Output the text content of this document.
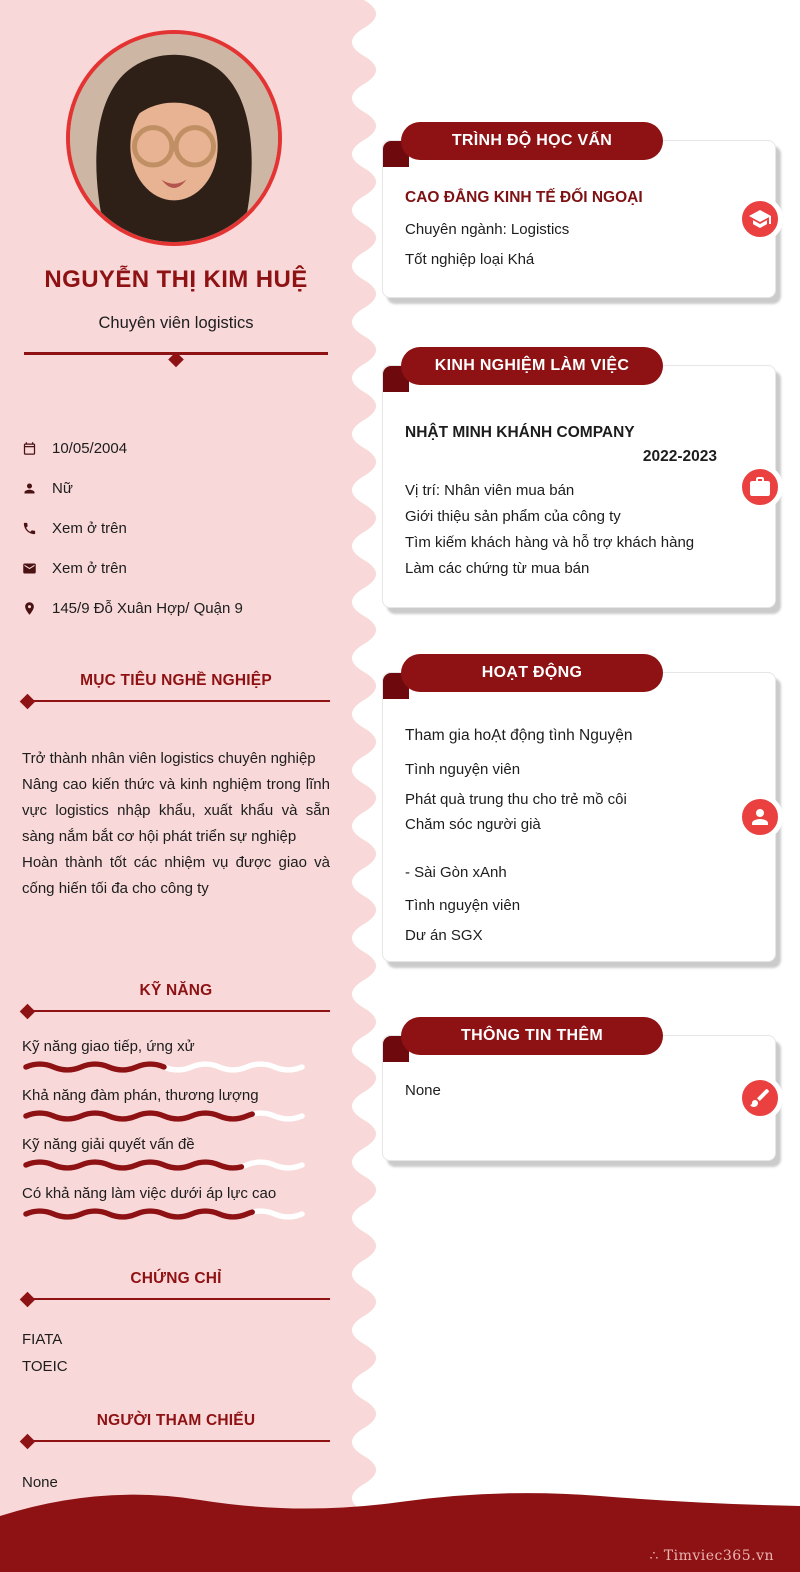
NGUYỄN THỊ KIM HUỆ
Chuyên viên logistics
10/05/2004
Nữ
Xem ở trên
Xem ở trên
145/9 Đỗ Xuân Hợp/ Quận 9
MỤC TIÊU NGHỀ NGHIỆP

Trở thành nhân viên logistics chuyên nghiệp

Nâng cao kiến thức và kinh nghiệm trong lĩnh vực logistics nhập khẩu, xuất khẩu và sẵn sàng nắm bắt cơ hội phát triển sự nghiệp

Hoàn thành tốt các nhiệm vụ được giao và cống hiến tối đa cho công ty

KỸ NĂNG
Kỹ năng giao tiếp, ứng xử
Khả năng đàm phán, thương lượng
Kỹ năng giải quyết vấn đề
Có khả năng làm việc dưới áp lực cao
CHỨNG CHỈ
FIATA
TOEIC
NGƯỜI THAM CHIẾU
None
TRÌNH ĐỘ HỌC VẤN
CAO ĐẲNG KINH TẾ ĐỐI NGOẠI
Chuyên ngành: Logistics
Tốt nghiệp loại Khá
KINH NGHIỆM LÀM VIỆC
NHẬT MINH KHÁNH COMPANY
2022-2023
Vị trí: Nhân viên mua bán
Giới thiệu sản phẩm của công ty
Tìm kiếm khách hàng và hỗ trợ khách hàng
Làm các chứng từ mua bán
HOẠT ĐỘNG
Tham gia hoẠt động tình Nguyện
Tình nguyện viên
Phát quà trung thu cho trẻ mồ côi
Chăm sóc người già
- Sài Gòn xAnh
Tình nguyện viên
Dư án SGX
THÔNG TIN THÊM
None
∴ Timviec365.vn
